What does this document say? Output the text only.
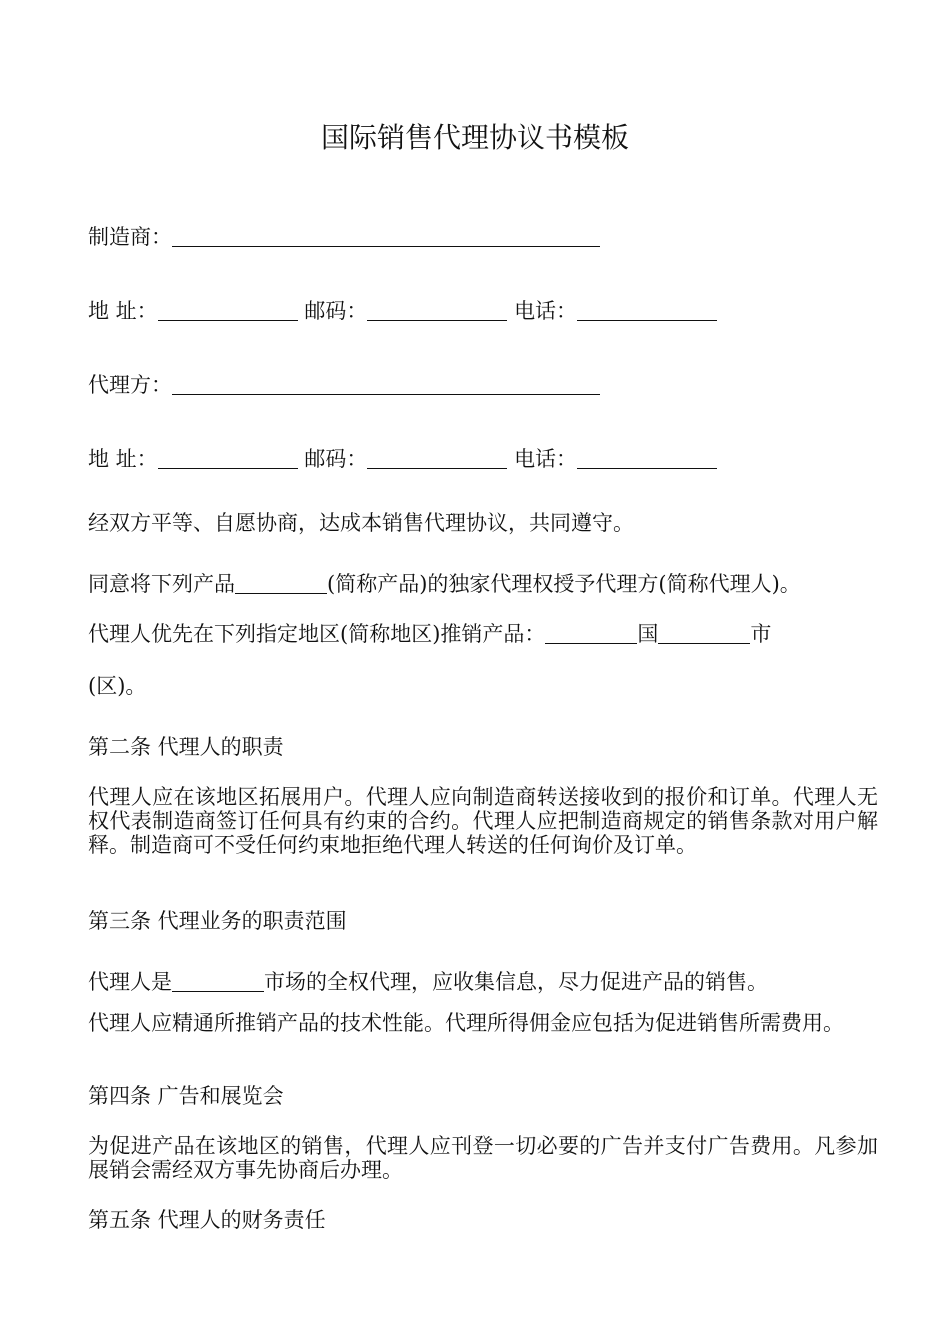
国际销售代理协议书模板
制造商：
地 址：	邮码：	电话：
代理方：
地 址：	邮码：	电话：
经双方平等、自愿协商，达成本销售代理协议，共同遵守。
同意将下列产品	(简称产品)的独家代理权授予代理方(简称代理人)。
代理人优先在下列指定地区(简称地区)推销产品：	国	市
(区)。
第二条 代理人的职责
代理人应在该地区拓展用户。代理人应向制造商转送接收到的报价和订单。代理人无权代表制造商签订任何具有约束的合约。代理人应把制造商规定的销售条款对用户解释。制造商可不受任何约束地拒绝代理人转送的任何询价及订单。
第三条 代理业务的职责范围
代理人是	市场的全权代理，应收集信息，尽力促进产品的销售。
代理人应精通所推销产品的技术性能。代理所得佣金应包括为促进销售所需费用。
第四条 广告和展览会
为促进产品在该地区的销售，代理人应刊登一切必要的广告并支付广告费用。凡参加展销会需经双方事先协商后办理。
第五条 代理人的财务责任
